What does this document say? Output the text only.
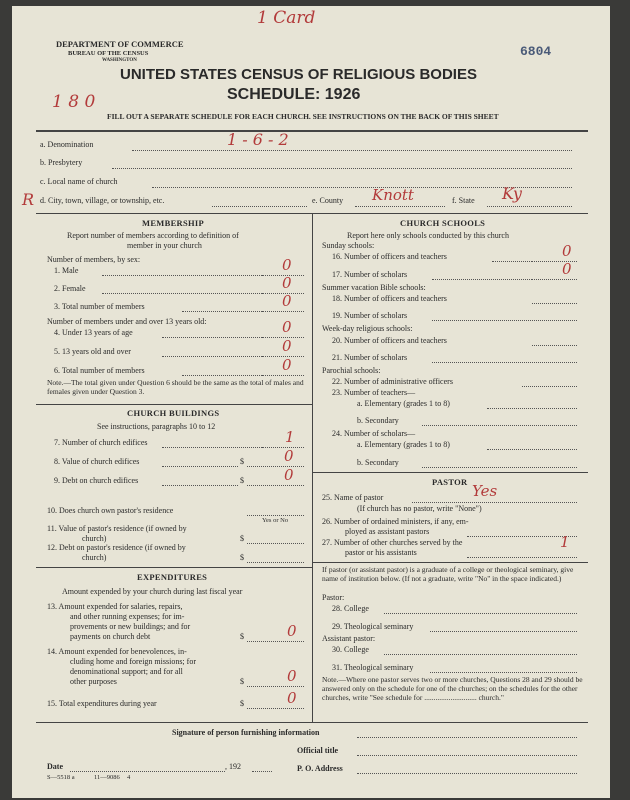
1 Card
6804
DEPARTMENT OF COMMERCE
BUREAU OF THE CENSUS
WASHINGTON
UNITED STATES CENSUS OF RELIGIOUS BODIES
1 8 0	SCHEDULE: 1926
FILL OUT A SEPARATE SCHEDULE FOR EACH CHURCH. SEE INSTRUCTIONS ON THE BACK OF THIS SHEET
a. Denomination	1 - 6 - 2
b. Presbytery
c. Local name of church
R d. City, town, village, or township, etc.	e. County Knott	f. State Ky
MEMBERSHIP
Report number of members according to definition of
member in your church
Number of members, by sex:
1. Male	0
2. Female	0
3. Total number of members	0
Number of members under and over 13 years old:
4. Under 13 years of age	0
5. 13 years old and over	0
6. Total number of members	0
Note.—The total given under Question 6 should be the same as the total of males and females given under Question 3.
CHURCH BUILDINGS
See instructions, paragraphs 10 to 12
7. Number of church edifices	1
8. Value of church edifices	$	0
9. Debt on church edifices	$	0
10. Does church own pastor's residence
Yes or No
11. Value of pastor's residence (if owned by
church)	$
12. Debt on pastor's residence (if owned by
church)	$
EXPENDITURES
Amount expended by your church during last fiscal year
13. Amount expended for salaries, repairs,
and other running expenses; for im-
provements or new buildings; and for
payments on church debt	$	0
14. Amount expended for benevolences, in-
cluding home and foreign missions; for
denominational support; and for all
other purposes	$	0
15. Total expenditures during year	$	0
CHURCH SCHOOLS
Report here only schools conducted by this church
Sunday schools:
16. Number of officers and teachers	0
17. Number of scholars	0
Summer vacation Bible schools:
18. Number of officers and teachers
19. Number of scholars
Week-day religious schools:
20. Number of officers and teachers
21. Number of scholars
Parochial schools:
22. Number of administrative officers
23. Number of teachers—
a. Elementary (grades 1 to 8)
b. Secondary
24. Number of scholars—
a. Elementary (grades 1 to 8)
b. Secondary
PASTOR
25. Name of pastor	Yes
(If church has no pastor, write "None")
26. Number of ordained ministers, if any, em-
ployed as assistant pastors
27. Number of other churches served by the
pastor or his assistants
1
If pastor (or assistant pastor) is a graduate of a college or theological seminary, give name of institution below. (If not a graduate, write "No" in the space indicated.)
Pastor:
28. College
29. Theological seminary
Assistant pastor:
30. College
31. Theological seminary
Note.—Where one pastor serves two or more churches, Questions 28 and 29 should be answered only on the schedule for one of the churches; on the schedules for the other churches, write "See schedule for ............................ church."
Signature of person furnishing information
Official title
Date	, 192	P. O. Address
S—5518 a	11—9086 4
